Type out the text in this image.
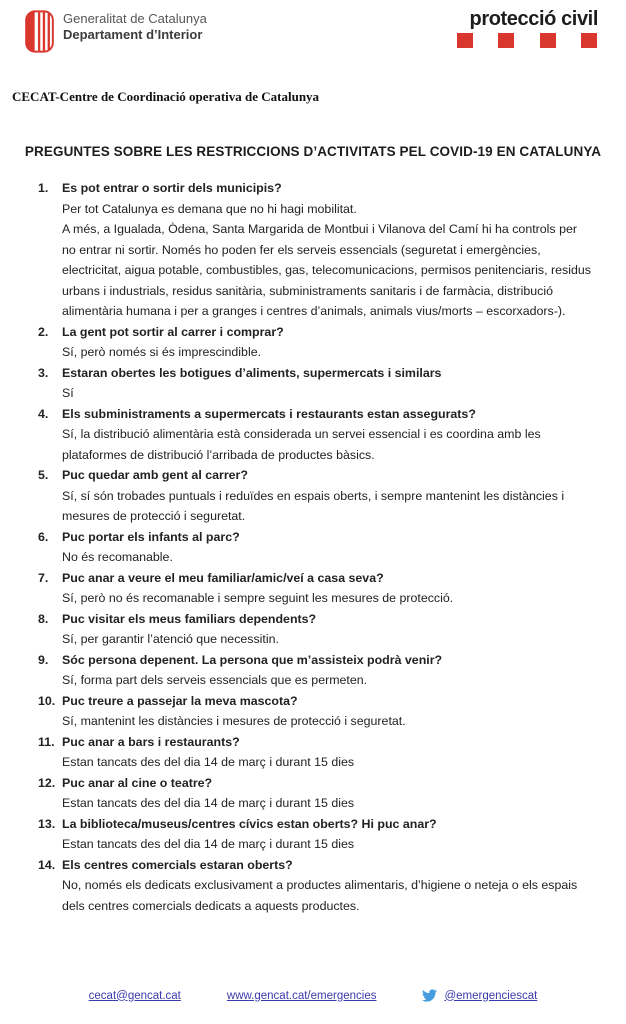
Generalitat de Catalunya
Departament d’Interior
protecció civil
CECAT-Centre de Coordinació operativa de Catalunya
PREGUNTES SOBRE LES RESTRICCIONS D’ACTIVITATS PEL COVID-19 EN CATALUNYA
1.	Es pot entrar o sortir dels municipis?
Per tot Catalunya es demana que no hi hagi mobilitat.
A més, a Igualada, Òdena, Santa Margarida de Montbui i Vilanova del Camí hi ha controls per no entrar ni sortir. Només ho poden fer els serveis essencials (seguretat i emergències, electricitat, aigua potable, combustibles, gas, telecomunicacions, permisos penitenciaris, residus urbans i industrials, residus sanitària, subministraments sanitaris i de farmàcia, distribució alimentària humana i per a granges i centres d’animals, animals vius/morts – escorxadors-).
2.	La gent pot sortir al carrer i comprar?
Sí, però només si és imprescindible.
3.	Estaran obertes les botigues d’aliments, supermercats i similars
Sí
4.	Els subministraments a supermercats i restaurants estan assegurats?
Sí, la distribució alimentària està considerada un servei essencial i es coordina amb les plataformes de distribució l’arribada de productes bàsics.
5.	Puc quedar amb gent al carrer?
Sí, sí són trobades puntuals i reduïdes en espais oberts, i sempre mantenint les distàncies i mesures de protecció i seguretat.
6.	Puc portar els infants al parc?
No és recomanable.
7.	Puc anar a veure el meu familiar/amic/veí a casa seva?
Sí, però no és recomanable i sempre seguint les mesures de protecció.
8.	Puc visitar els meus familiars dependents?
Sí, per garantir l’atenció que necessitin.
9.	Sóc persona depenent. La persona que m’assisteix podrà venir?
Sí, forma part dels serveis essencials que es permeten.
10. Puc treure a passejar la meva mascota?
Sí, mantenint les distàncies i mesures de protecció i seguretat.
11. Puc anar a bars i restaurants?
Estan tancats des del dia 14 de març i durant 15 dies
12. Puc anar al cine o teatre?
Estan tancats des del dia 14 de març i durant 15 dies
13. La biblioteca/museus/centres cívics estan oberts? Hi puc anar?
Estan tancats des del dia 14 de març i durant 15 dies
14. Els centres comercials estaran oberts?
No, només els dedicats exclusivament a productes alimentaris, d’higiene o neteja o els espais dels centres comercials dedicats a aquests productes.
cecat@gencat.cat	www.gencat.cat/emergencies	@emergenciescat
